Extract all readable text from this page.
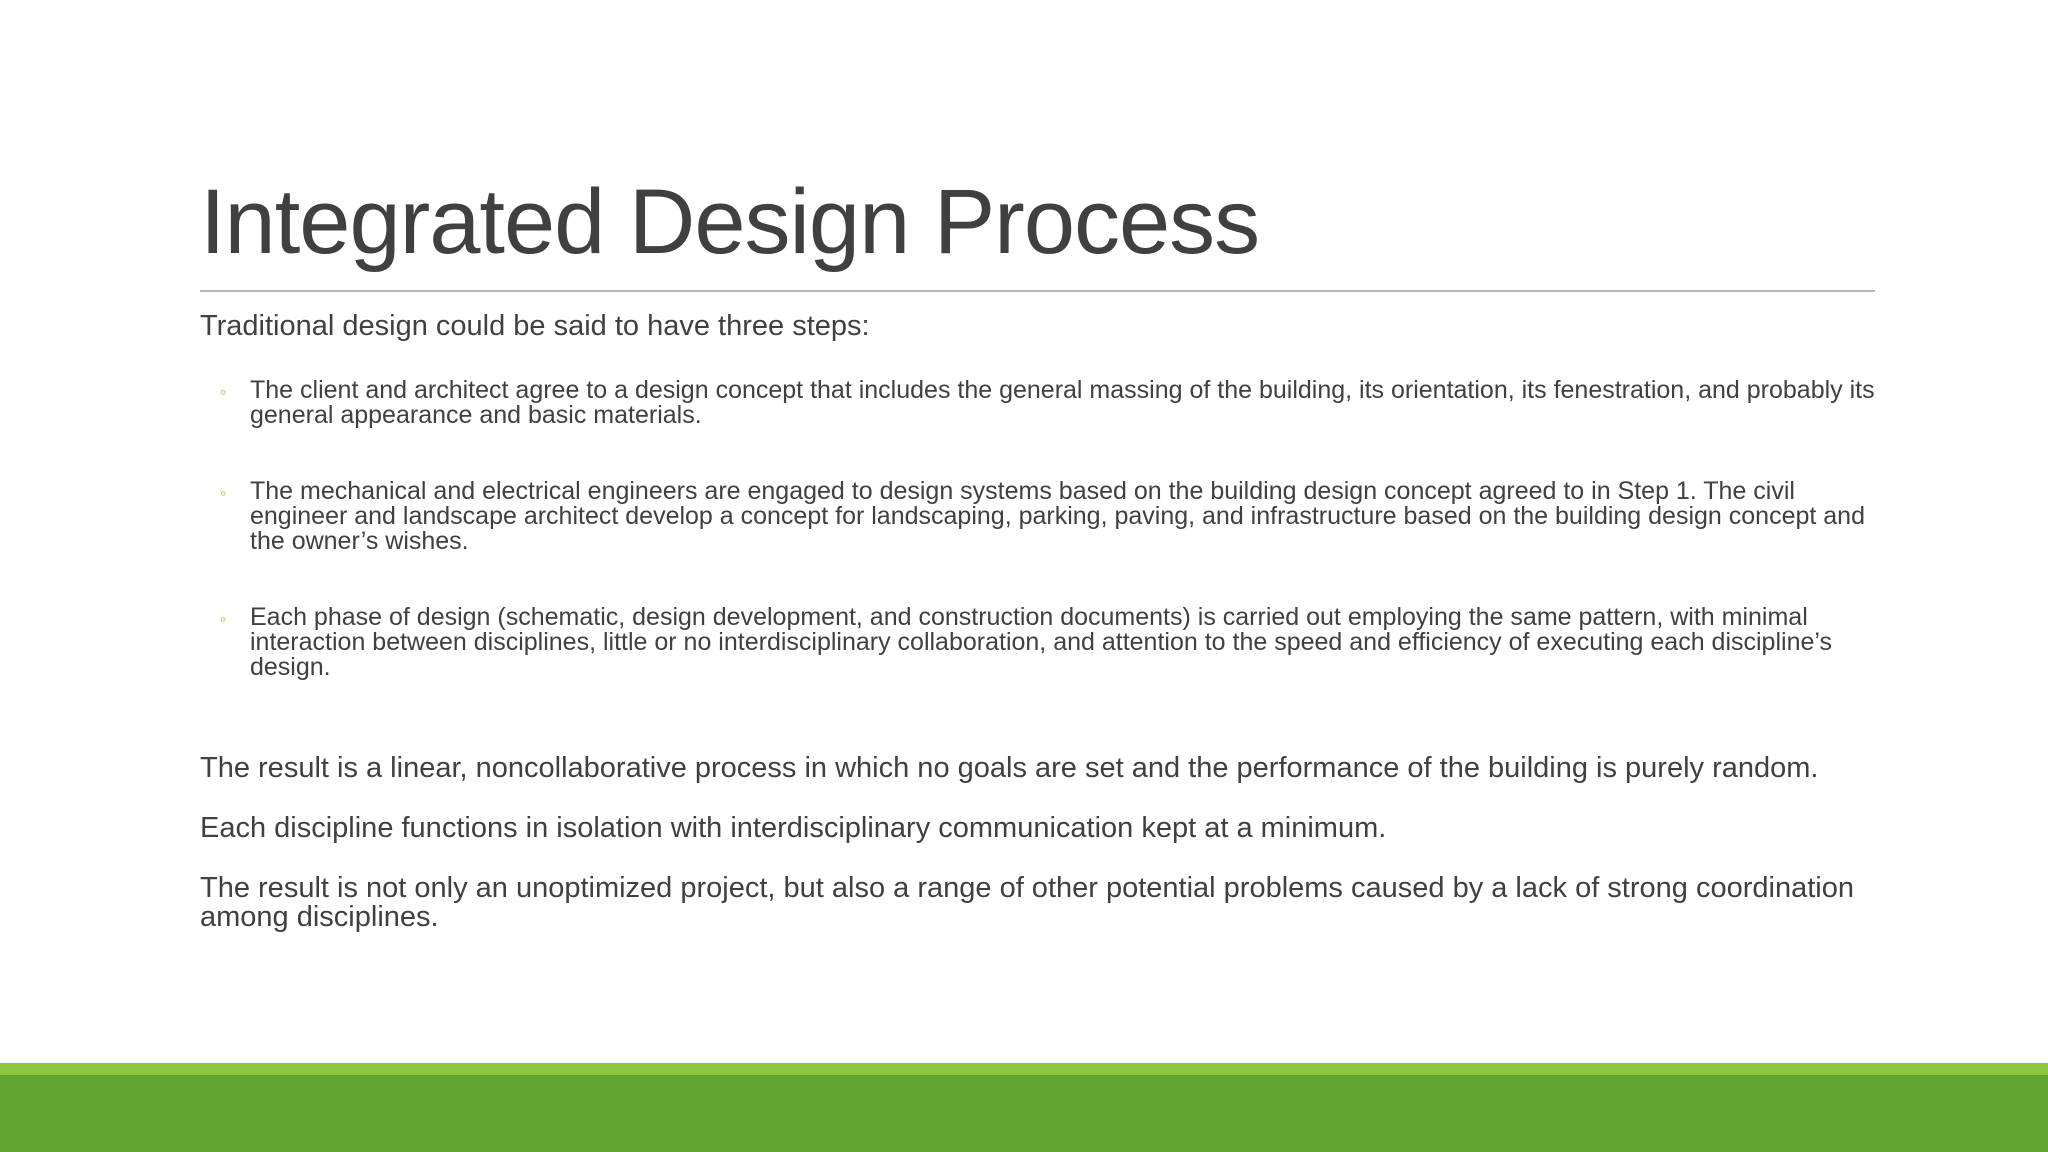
Integrated Design Process

Traditional design could be said to have three steps:

◦ The client and architect agree to a design concept that includes the general massing of the building, its orientation, its fenestration, and probably its general appearance and basic materials.
◦ The mechanical and electrical engineers are engaged to design systems based on the building design concept agreed to in Step 1. The civil engineer and landscape architect develop a concept for landscaping, parking, paving, and infrastructure based on the building design concept and the owner’s wishes.
◦ Each phase of design (schematic, design development, and construction documents) is carried out employing the same pattern, with minimal interaction between disciplines, little or no interdisciplinary collaboration, and attention to the speed and efficiency of executing each discipline’s design.

The result is a linear, noncollaborative process in which no goals are set and the performance of the building is purely random.

Each discipline functions in isolation with interdisciplinary communication kept at a minimum.

The result is not only an unoptimized project, but also a range of other potential problems caused by a lack of strong coordination among disciplines.
